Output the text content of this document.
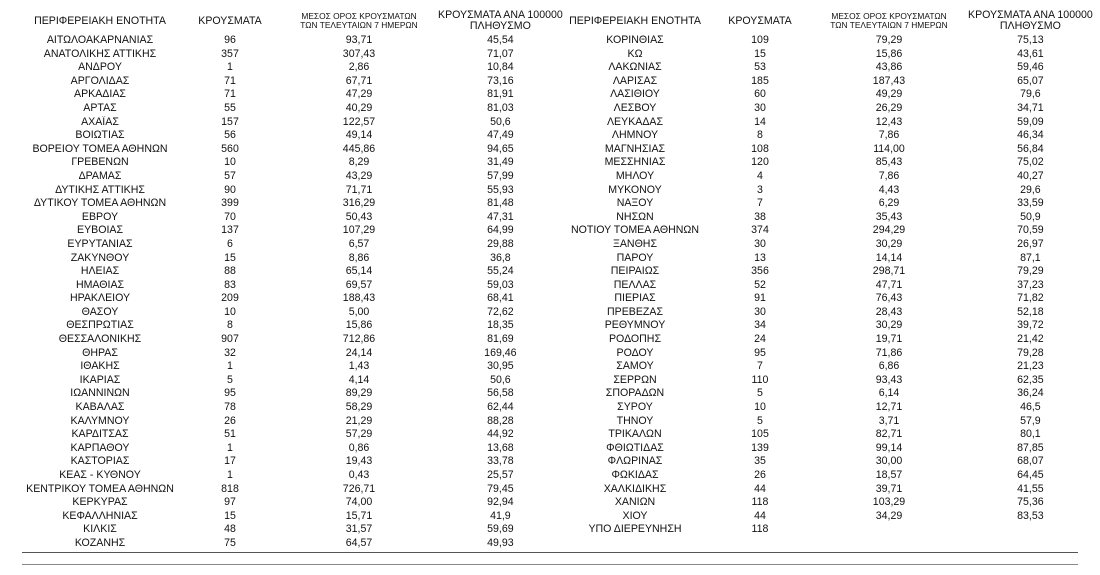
ΠΕΡΙΦΕΡΕΙΑΚΗ ΕΝΟΤΗΤΑ	ΚΡΟΥΣΜΑΤΑ	ΜΕΣΟΣ ΟΡΟΣ ΚΡΟΥΣΜΑΤΩΝ
ΤΩΝ ΤΕΛΕΥΤΑΙΩΝ 7 ΗΜΕΡΩΝ	ΚΡΟΥΣΜΑΤΑ ΑΝΑ 100000
ΠΛΗΘΥΣΜΟ
ΑΙΤΩΛΟΑΚΑΡΝΑΝΙΑΣ	96	93,71	45,54
ΑΝΑΤΟΛΙΚΗΣ ΑΤΤΙΚΗΣ	357	307,43	71,07
ΑΝΔΡΟΥ	1	2,86	10,84
ΑΡΓΟΛΙΔΑΣ	71	67,71	73,16
ΑΡΚΑΔΙΑΣ	71	47,29	81,91
ΑΡΤΑΣ	55	40,29	81,03
ΑΧΑΪΑΣ	157	122,57	50,6
ΒΟΙΩΤΙΑΣ	56	49,14	47,49
ΒΟΡΕΙΟΥ ΤΟΜΕΑ ΑΘΗΝΩΝ	560	445,86	94,65
ΓΡΕΒΕΝΩΝ	10	8,29	31,49
ΔΡΑΜΑΣ	57	43,29	57,99
ΔΥΤΙΚΗΣ ΑΤΤΙΚΗΣ	90	71,71	55,93
ΔΥΤΙΚΟΥ ΤΟΜΕΑ ΑΘΗΝΩΝ	399	316,29	81,48
ΕΒΡΟΥ	70	50,43	47,31
ΕΥΒΟΙΑΣ	137	107,29	64,99
ΕΥΡΥΤΑΝΙΑΣ	6	6,57	29,88
ΖΑΚΥΝΘΟΥ	15	8,86	36,8
ΗΛΕΙΑΣ	88	65,14	55,24
ΗΜΑΘΙΑΣ	83	69,57	59,03
ΗΡΑΚΛΕΙΟΥ	209	188,43	68,41
ΘΑΣΟΥ	10	5,00	72,62
ΘΕΣΠΡΩΤΙΑΣ	8	15,86	18,35
ΘΕΣΣΑΛΟΝΙΚΗΣ	907	712,86	81,69
ΘΗΡΑΣ	32	24,14	169,46
ΙΘΑΚΗΣ	1	1,43	30,95
ΙΚΑΡΙΑΣ	5	4,14	50,6
ΙΩΑΝΝΙΝΩΝ	95	89,29	56,58
ΚΑΒΑΛΑΣ	78	58,29	62,44
ΚΑΛΥΜΝΟΥ	26	21,29	88,28
ΚΑΡΔΙΤΣΑΣ	51	57,29	44,92
ΚΑΡΠΑΘΟΥ	1	0,86	13,68
ΚΑΣΤΟΡΙΑΣ	17	19,43	33,78
ΚΕΑΣ - ΚΥΘΝΟΥ	1	0,43	25,57
ΚΕΝΤΡΙΚΟΥ ΤΟΜΕΑ ΑΘΗΝΩΝ	818	726,71	79,45
ΚΕΡΚΥΡΑΣ	97	74,00	92,94
ΚΕΦΑΛΛΗΝΙΑΣ	15	15,71	41,9
ΚΙΛΚΙΣ	48	31,57	59,69
ΚΟΖΑΝΗΣ	75	64,57	49,93
ΠΕΡΙΦΕΡΕΙΑΚΗ ΕΝΟΤΗΤΑ	ΚΡΟΥΣΜΑΤΑ	ΜΕΣΟΣ ΟΡΟΣ ΚΡΟΥΣΜΑΤΩΝ
ΤΩΝ ΤΕΛΕΥΤΑΙΩΝ 7 ΗΜΕΡΩΝ	ΚΡΟΥΣΜΑΤΑ ΑΝΑ 100000
ΠΛΗΘΥΣΜΟ
ΚΟΡΙΝΘΙΑΣ	109	79,29	75,13
ΚΩ	15	15,86	43,61
ΛΑΚΩΝΙΑΣ	53	43,86	59,46
ΛΑΡΙΣΑΣ	185	187,43	65,07
ΛΑΣΙΘΙΟΥ	60	49,29	79,6
ΛΕΣΒΟΥ	30	26,29	34,71
ΛΕΥΚΑΔΑΣ	14	12,43	59,09
ΛΗΜΝΟΥ	8	7,86	46,34
ΜΑΓΝΗΣΙΑΣ	108	114,00	56,84
ΜΕΣΣΗΝΙΑΣ	120	85,43	75,02
ΜΗΛΟΥ	4	7,86	40,27
ΜΥΚΟΝΟΥ	3	4,43	29,6
ΝΑΞΟΥ	7	6,29	33,59
ΝΗΣΩΝ	38	35,43	50,9
ΝΟΤΙΟΥ ΤΟΜΕΑ ΑΘΗΝΩΝ	374	294,29	70,59
ΞΑΝΘΗΣ	30	30,29	26,97
ΠΑΡΟΥ	13	14,14	87,1
ΠΕΙΡΑΙΩΣ	356	298,71	79,29
ΠΕΛΛΑΣ	52	47,71	37,23
ΠΙΕΡΙΑΣ	91	76,43	71,82
ΠΡΕΒΕΖΑΣ	30	28,43	52,18
ΡΕΘΥΜΝΟΥ	34	30,29	39,72
ΡΟΔΟΠΗΣ	24	19,71	21,42
ΡΟΔΟΥ	95	71,86	79,28
ΣΑΜΟΥ	7	6,86	21,23
ΣΕΡΡΩΝ	110	93,43	62,35
ΣΠΟΡΑΔΩΝ	5	6,14	36,24
ΣΥΡΟΥ	10	12,71	46,5
ΤΗΝΟΥ	5	3,71	57,9
ΤΡΙΚΑΛΩΝ	105	82,71	80,1
ΦΘΙΩΤΙΔΑΣ	139	99,14	87,85
ΦΛΩΡΙΝΑΣ	35	30,00	68,07
ΦΩΚΙΔΑΣ	26	18,57	64,45
ΧΑΛΚΙΔΙΚΗΣ	44	39,71	41,55
ΧΑΝΙΩΝ	118	103,29	75,36
ΧΙΟΥ	44	34,29	83,53
ΥΠΟ ΔΙΕΡΕΥΝΗΣΗ	118		
